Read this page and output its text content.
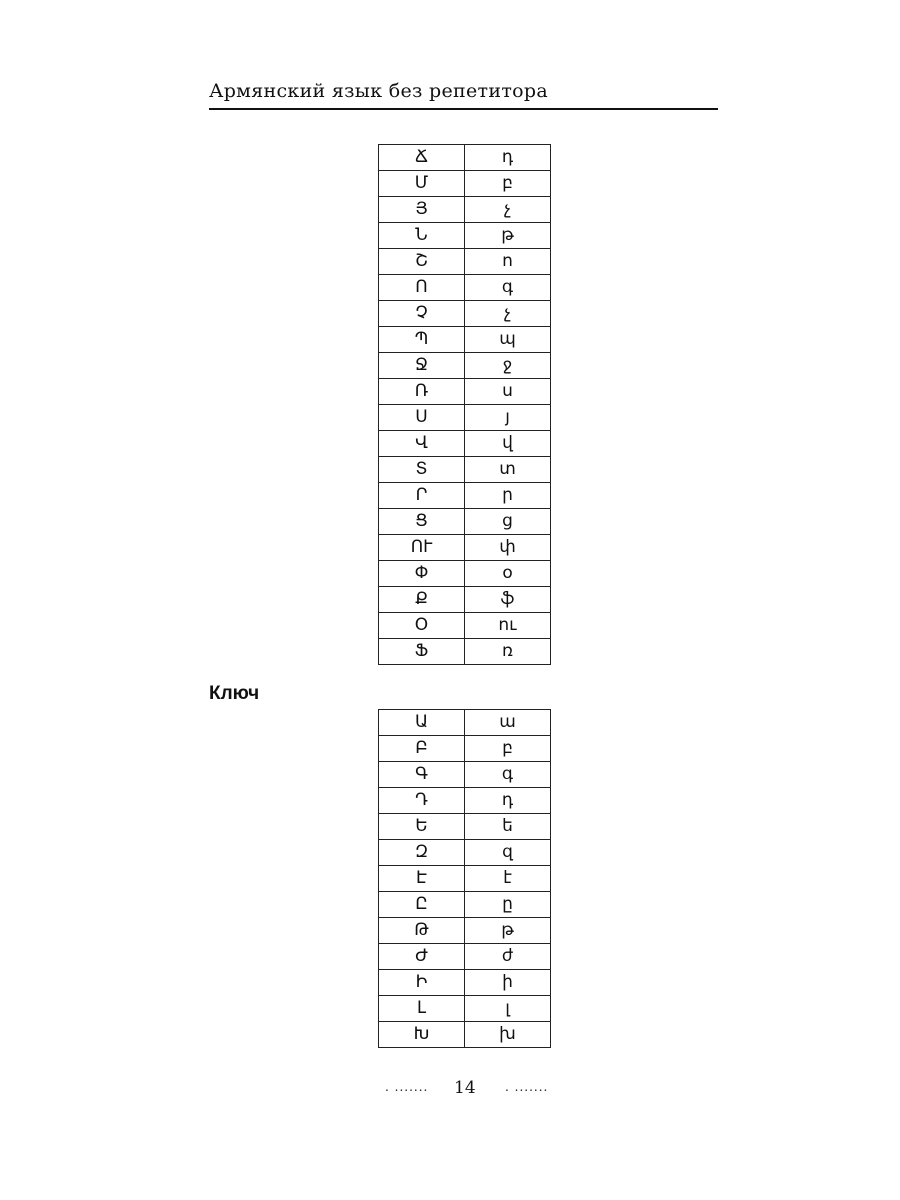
Армянский язык без репетитора
Ճ	դ
Մ	բ
Յ	չ
Ն	թ
Շ	ո
Ո	գ
Չ	չ
Պ	պ
Ջ	ջ
Ռ	ս
Ս	յ
Վ	վ
Տ	տ
Ր	ր
Ց	ց
ՈՒ	փ
Փ	օ
Ք	ֆ
Օ	ու
Ֆ	ռ
Ключ
Ա	ա
Բ	բ
Գ	գ
Դ	դ
Ե	ե
Զ	զ
Է	է
Ը	ը
Թ	թ
Ժ	ժ
Ի	ի
Լ	լ
Խ	խ
. ....... 14 . .......
